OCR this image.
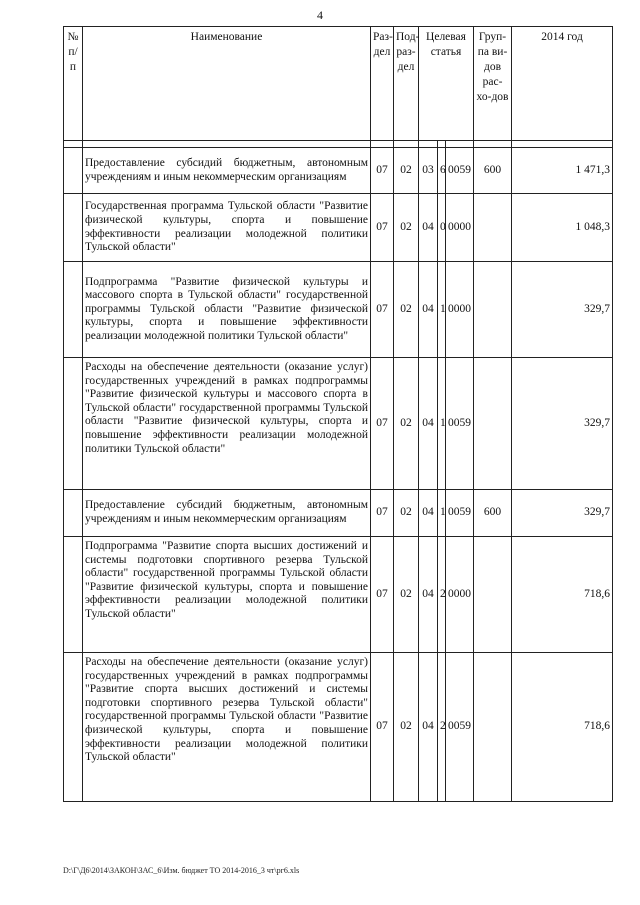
4
№ п/ п	Наименование	Раз-дел	Под-раз-дел	Целевая статья			Груп-па ви-дов рас-хо-дов	2014 год

	Предоставление субсидий бюджетным, автономным учреждениям и иным некоммерческим организациям	07	02	03	6	0059	600	1 471,3
	Государственная программа Тульской области "Развитие физической культуры, спорта и повышение эффективности реализации молодежной политики Тульской области"	07	02	04	0	0000		1 048,3
	Подпрограмма "Развитие физической культуры и массового спорта в Тульской области" государственной программы Тульской области "Развитие физической культуры, спорта и повышение эффективности реализации молодежной политики Тульской области"	07	02	04	1	0000		329,7
	Расходы на обеспечение деятельности (оказание услуг) государственных учреждений в рамках подпрограммы "Развитие физической культуры и массового спорта в Тульской области" государственной программы Тульской области "Развитие физической культуры, спорта и повышение эффективности реализации молодежной политики Тульской области"	07	02	04	1	0059		329,7
	Предоставление субсидий бюджетным, автономным учреждениям и иным некоммерческим организациям	07	02	04	1	0059	600	329,7
	Подпрограмма "Развитие спорта высших достижений и системы подготовки спортивного резерва Тульской области" государственной программы Тульской области "Развитие физической культуры, спорта и повышение эффективности реализации молодежной политики Тульской области"	07	02	04	2	0000		718,6
	Расходы на обеспечение деятельности (оказание услуг) государственных учреждений в рамках подпрограммы "Развитие спорта высших достижений и системы подготовки спортивного резерва Тульской области" государственной программы Тульской области "Развитие физической культуры, спорта и повышение эффективности реализации молодежной политики Тульской области"	07	02	04	2	0059		718,6
D:\Г\Д6\2014\ЗАКОН\ЗАС_6\Изм. бюджет ТО 2014-2016_3 чт\рг6.xls
